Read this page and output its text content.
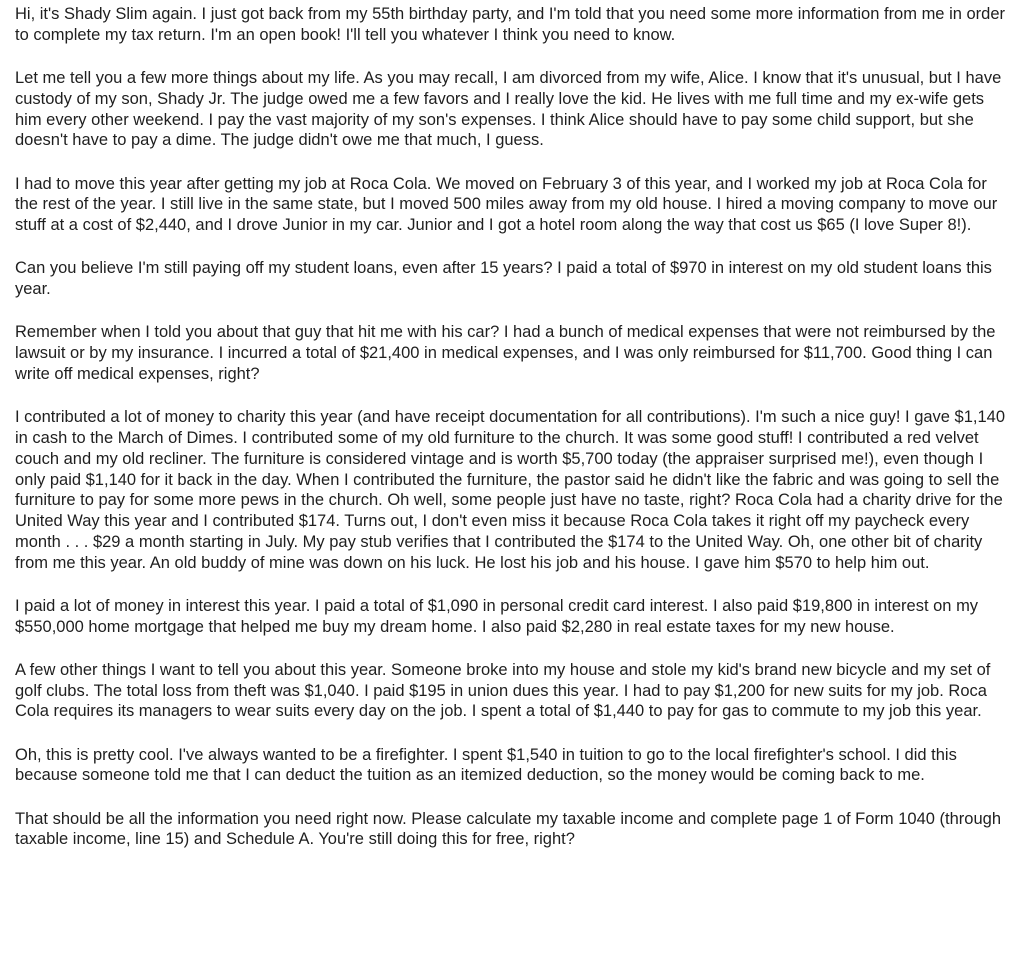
Hi, it's Shady Slim again. I just got back from my 55th birthday party, and I'm told that you need some more information from me in order to complete my tax return. I'm an open book! I'll tell you whatever I think you need to know.

Let me tell you a few more things about my life. As you may recall, I am divorced from my wife, Alice. I know that it's unusual, but I have custody of my son, Shady Jr. The judge owed me a few favors and I really love the kid. He lives with me full time and my ex-wife gets him every other weekend. I pay the vast majority of my son's expenses. I think Alice should have to pay some child support, but she doesn't have to pay a dime. The judge didn't owe me that much, I guess.

I had to move this year after getting my job at Roca Cola. We moved on February 3 of this year, and I worked my job at Roca Cola for the rest of the year. I still live in the same state, but I moved 500 miles away from my old house. I hired a moving company to move our stuff at a cost of $2,440, and I drove Junior in my car. Junior and I got a hotel room along the way that cost us $65 (I love Super 8!).

Can you believe I'm still paying off my student loans, even after 15 years? I paid a total of $970 in interest on my old student loans this year.

Remember when I told you about that guy that hit me with his car? I had a bunch of medical expenses that were not reimbursed by the lawsuit or by my insurance. I incurred a total of $21,400 in medical expenses, and I was only reimbursed for $11,700. Good thing I can write off medical expenses, right?

I contributed a lot of money to charity this year (and have receipt documentation for all contributions). I'm such a nice guy! I gave $1,140 in cash to the March of Dimes. I contributed some of my old furniture to the church. It was some good stuff! I contributed a red velvet couch and my old recliner. The furniture is considered vintage and is worth $5,700 today (the appraiser surprised me!), even though I only paid $1,140 for it back in the day. When I contributed the furniture, the pastor said he didn't like the fabric and was going to sell the furniture to pay for some more pews in the church. Oh well, some people just have no taste, right? Roca Cola had a charity drive for the United Way this year and I contributed $174. Turns out, I don't even miss it because Roca Cola takes it right off my paycheck every month . . . $29 a month starting in July. My pay stub verifies that I contributed the $174 to the United Way. Oh, one other bit of charity from me this year. An old buddy of mine was down on his luck. He lost his job and his house. I gave him $570 to help him out.

I paid a lot of money in interest this year. I paid a total of $1,090 in personal credit card interest. I also paid $19,800 in interest on my $550,000 home mortgage that helped me buy my dream home. I also paid $2,280 in real estate taxes for my new house.

A few other things I want to tell you about this year. Someone broke into my house and stole my kid's brand new bicycle and my set of golf clubs. The total loss from theft was $1,040. I paid $195 in union dues this year. I had to pay $1,200 for new suits for my job. Roca Cola requires its managers to wear suits every day on the job. I spent a total of $1,440 to pay for gas to commute to my job this year.

Oh, this is pretty cool. I've always wanted to be a firefighter. I spent $1,540 in tuition to go to the local firefighter's school. I did this because someone told me that I can deduct the tuition as an itemized deduction, so the money would be coming back to me.

That should be all the information you need right now. Please calculate my taxable income and complete page 1 of Form 1040 (through taxable income, line 15) and Schedule A. You're still doing this for free, right?
